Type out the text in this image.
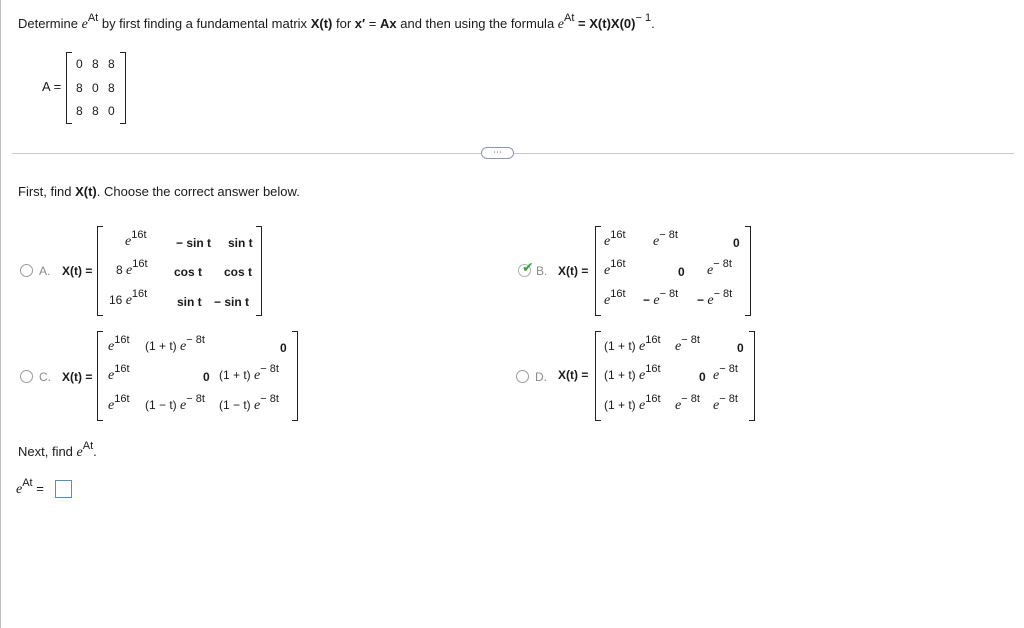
Determine $e^{At}$ by first finding a fundamental matrix X(t) for x′ = Ax and then using the formula $e^{At} = X(t)X(0)^{- 1}$.
A =
0 8 8
8 0 8
8 8 0
⋯
First, find X(t). Choose the correct answer below.
A. X(t) =
e16t
− sin t sin t
8 e16t
cos t cos t
16 e16t
sin t − sin t
✔ B. X(t) =
e16t e− 8t
0
e16t
0 e− 8t
e16t − e− 8t − e− 8t
C. X(t) =
e16t (1 + t) e− 8t
0
e16t
0 (1 + t) e− 8t
e16t (1 − t) e− 8t (1 − t) e− 8t
D. X(t) =
(1 + t) e16t e− 8t
0
(1 + t) e16t
0 e− 8t
(1 + t) e16t e− 8t e− 8t
Next, find $e^{At}$.
$e^{At}$ =
